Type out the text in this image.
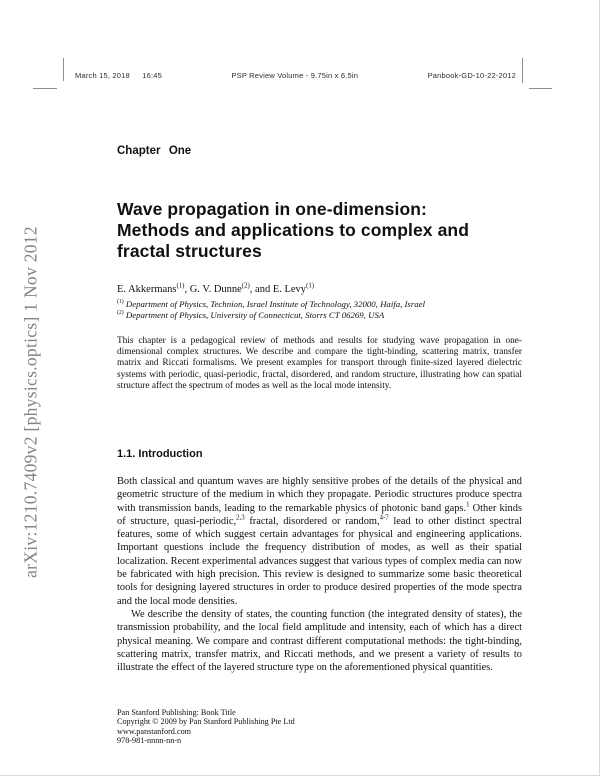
March 15, 2018 16:45	PSP Review Volume - 9.75in x 6.5in	Panbook-GD-10-22-2012
arXiv:1210.7409v2 [physics.optics] 1 Nov 2012
Chapter One
Wave propagation in one-dimension:
Methods and applications to complex and
fractal structures
E. Akkermans$^{(1)}$, G. V. Dunne$^{(2)}$, and E. Levy$^{(1)}$
$^{(1)}$ Department of Physics, Technion, Israel Institute of Technology, 32000, Haifa, Israel
$^{(2)}$ Department of Physics, University of Connecticut, Storrs CT 06269, USA
This chapter is a pedagogical review of methods and results for studying wave propagation in one-dimensional complex structures. We describe and compare the tight-binding, scattering matrix, transfer matrix and Riccati formalisms. We present examples for transport through finite-sized layered dielectric systems with periodic, quasi-periodic, fractal, disordered, and random structure, illustrating how can spatial structure affect the spectrum of modes as well as the local mode intensity.
1.1. Introduction

Both classical and quantum waves are highly sensitive probes of the details of the physical and geometric structure of the medium in which they propagate. Periodic structures produce spectra with transmission bands, leading to the remarkable physics of photonic band gaps.$^1$ Other kinds of structure, quasi-periodic,$^{2,3}$ fractal, disordered or random,$^{4-7}$ lead to other distinct spectral features, some of which suggest certain advantages for physical and engineering applications. Important questions include the frequency distribution of modes, as well as their spatial localization. Recent experimental advances suggest that various types of complex media can now be fabricated with high precision. This review is designed to summarize some basic theoretical tools for designing layered structures in order to produce desired properties of the mode spectra and the local mode densities.

We describe the density of states, the counting function (the integrated density of states), the transmission probability, and the local field amplitude and intensity, each of which has a direct physical meaning. We compare and contrast different computational methods: the tight-binding, scattering matrix, transfer matrix, and Riccati methods, and we present a variety of results to illustrate the effect of the layered structure type on the aforementioned physical quantities.

Pan Stanford Publishing: Book Title
Copyright © 2009 by Pan Stanford Publishing Pte Ltd
www.panstanford.com
978-981-nnnn-nn-n
